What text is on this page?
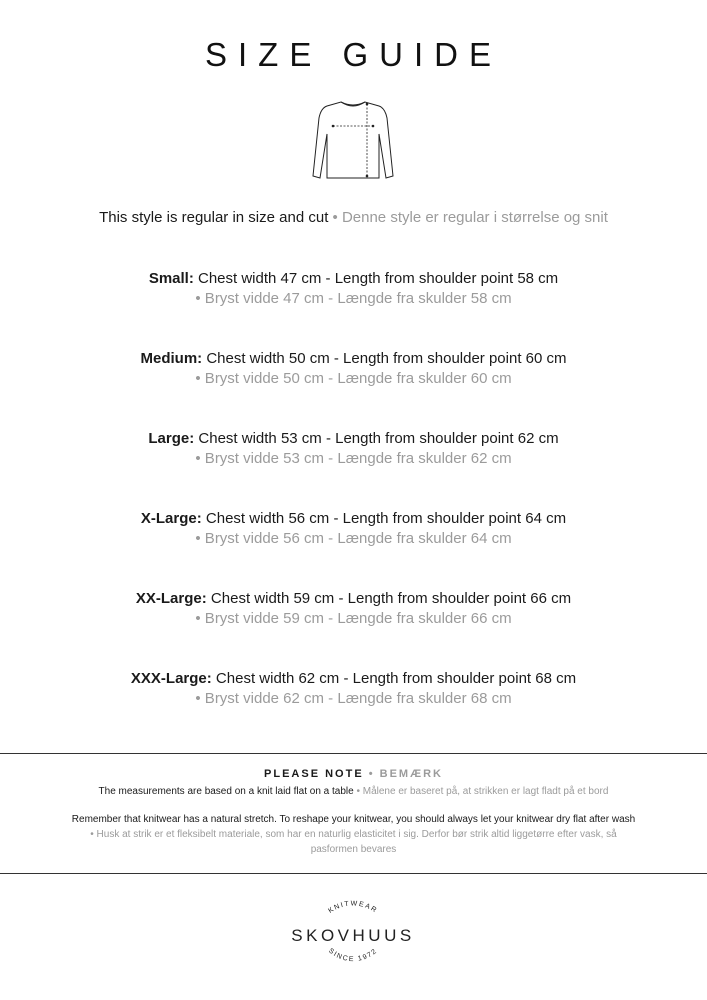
SIZE GUIDE
This style is regular in size and cut • Denne style er regular i størrelse og snit
Small: Chest width 47 cm - Length from shoulder point 58 cm
• Bryst vidde 47 cm - Længde fra skulder 58 cm
Medium: Chest width 50 cm - Length from shoulder point 60 cm
• Bryst vidde 50 cm - Længde fra skulder 60 cm
Large: Chest width 53 cm - Length from shoulder point 62 cm
• Bryst vidde 53 cm - Længde fra skulder 62 cm
X-Large: Chest width 56 cm - Length from shoulder point 64 cm
• Bryst vidde 56 cm - Længde fra skulder 64 cm
XX-Large: Chest width 59 cm - Length from shoulder point 66 cm
• Bryst vidde 59 cm - Længde fra skulder 66 cm
XXX-Large: Chest width 62 cm - Length from shoulder point 68 cm
• Bryst vidde 62 cm - Længde fra skulder 68 cm
PLEASE NOTE • BEMÆRK
The measurements are based on a knit laid flat on a table • Målene er baseret på, at strikken er lagt fladt på et bord
Remember that knitwear has a natural stretch. To reshape your knitwear, you should always let your knitwear dry flat after wash • Husk at strik er et fleksibelt materiale, som har en naturlig elasticitet i sig. Derfor bør strik altid liggetørre efter vask, så pasformen bevares
KNITWEAR
SKOVHUUS
SINCE 1972
